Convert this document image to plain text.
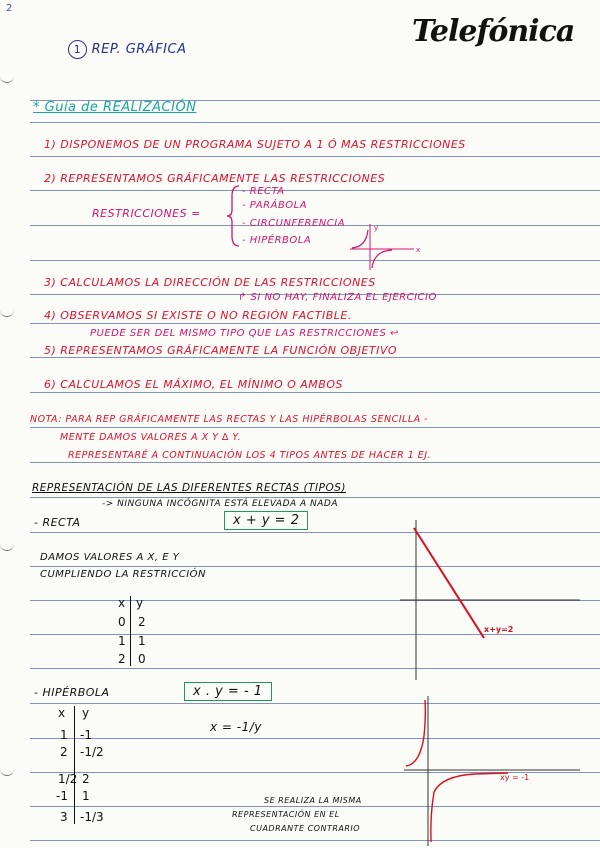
2
Telefónica
1 REP. GRÁFICA
* Guía de REALIZACIÓN
1) DISPONEMOS DE UN PROGRAMA SUJETO A 1 Ó MAS RESTRICCIONES
2) REPRESENTAMOS GRÁFICAMENTE LAS RESTRICCIONES
RESTRICCIONES =
- RECTA
- PARÁBOLA
- CIRCUNFERENCIA
- HIPÉRBOLA
y
x
3) CALCULAMOS LA DIRECCIÓN DE LAS RESTRICCIONES
↱ SI NO HAY, FINALIZA EL EJERCICIO
4) OBSERVAMOS SI EXISTE O NO REGIÓN FACTIBLE.
PUEDE SER DEL MISMO TIPO QUE LAS RESTRICCIONES ↩
5) REPRESENTAMOS GRÁFICAMENTE LA FUNCIÓN OBJETIVO
6) CALCULAMOS EL MÁXIMO, EL MÍNIMO O AMBOS
NOTA: PARA REP GRÁFICAMENTE LAS RECTAS Y LAS HIPÉRBOLAS SENCILLA -
MENTE DAMOS VALORES A X Y ∆ Y.
REPRESENTARÉ A CONTINUACIÓN LOS 4 TIPOS ANTES DE HACER 1 EJ.
REPRESENTACIÓN DE LAS DIFERENTES RECTAS (TIPOS)
-> NINGUNA INCÓGNITA ESTÁ ELEVADA A NADA
- RECTA	x + y = 2
DAMOS VALORES A X, E Y
CUMPLIENDO LA RESTRICCIÓN
x y
0 2
1 1
2 0
x+y=2
- HIPÉRBOLA	x . y = - 1
x = -1/y
x y
1 -1
2 -1/2
1/2 2
-1 1
3 -1/3
xy = -1
SE REALIZA LA MISMA
REPRESENTACIÓN EN EL
CUADRANTE CONTRARIO
